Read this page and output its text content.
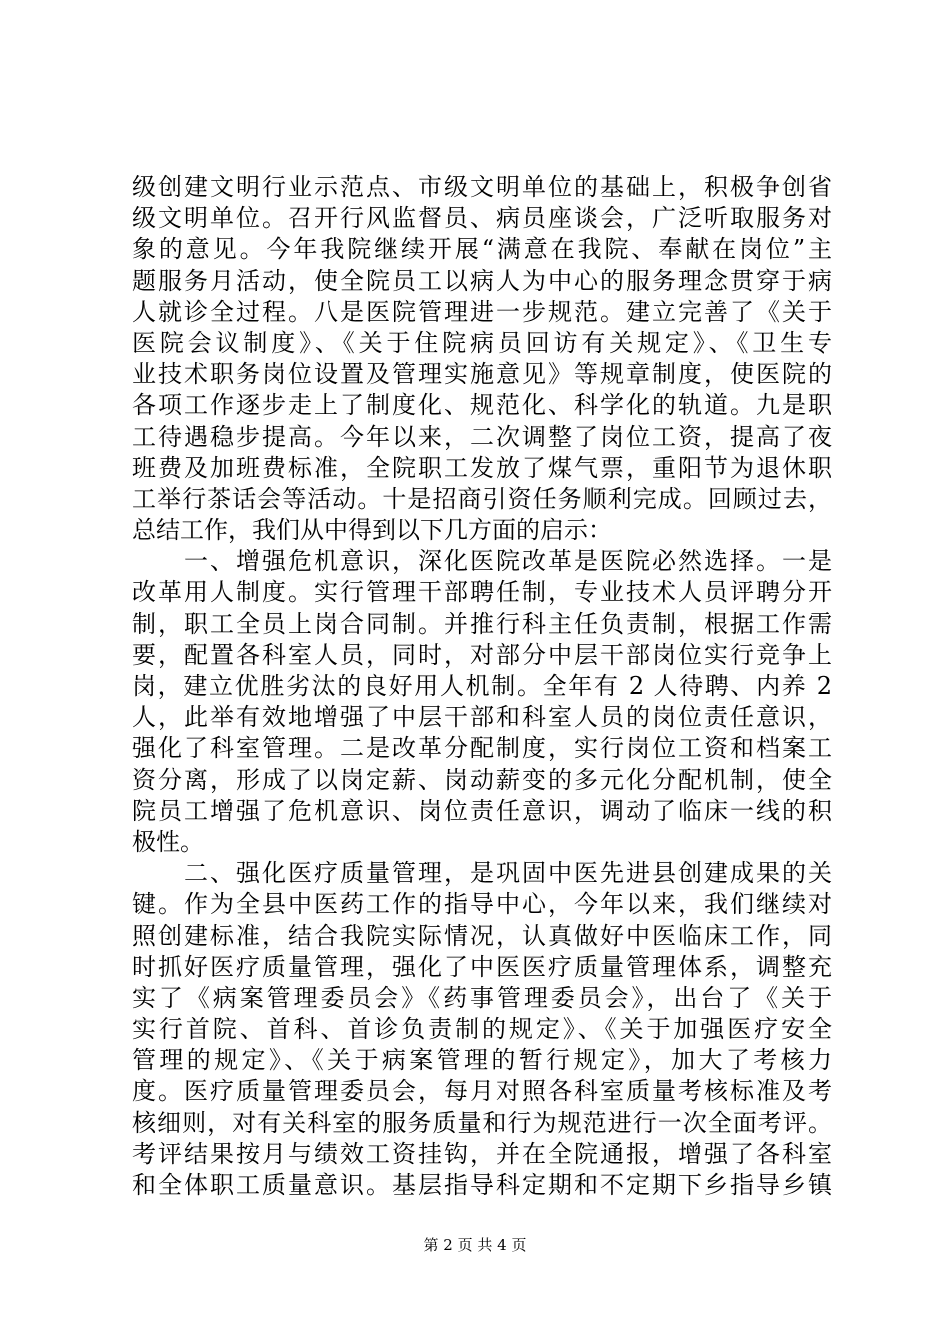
级创建文明行业示范点、市级文明单位的基础上，积极争创省
级文明单位。召开行风监督员、病员座谈会，广泛听取服务对
象的意见。今年我院继续开展“满意在我院、奉献在岗位”主
题服务月活动，使全院员工以病人为中心的服务理念贯穿于病
人就诊全过程。八是医院管理进一步规范。建立完善了《关于
医院会议制度》、《关于住院病员回访有关规定》、《卫生专
业技术职务岗位设置及管理实施意见》等规章制度，使医院的
各项工作逐步走上了制度化、规范化、科学化的轨道。九是职
工待遇稳步提高。今年以来，二次调整了岗位工资，提高了夜
班费及加班费标准，全院职工发放了煤气票，重阳节为退休职
工举行茶话会等活动。十是招商引资任务顺利完成。回顾过去，
总结工作，我们从中得到以下几方面的启示：
　　一、增强危机意识，深化医院改革是医院必然选择。一是
改革用人制度。实行管理干部聘任制，专业技术人员评聘分开
制，职工全员上岗合同制。并推行科主任负责制，根据工作需
要，配置各科室人员，同时，对部分中层干部岗位实行竞争上
岗，建立优胜劣汰的良好用人机制。全年有 2 人待聘、内养 2
人，此举有效地增强了中层干部和科室人员的岗位责任意识，
强化了科室管理。二是改革分配制度，实行岗位工资和档案工
资分离，形成了以岗定薪、岗动薪变的多元化分配机制，使全
院员工增强了危机意识、岗位责任意识，调动了临床一线的积
极性。
　　二、强化医疗质量管理，是巩固中医先进县创建成果的关
键。作为全县中医药工作的指导中心，今年以来，我们继续对
照创建标准，结合我院实际情况，认真做好中医临床工作，同
时抓好医疗质量管理，强化了中医医疗质量管理体系，调整充
实了《病案管理委员会》《药事管理委员会》，出台了《关于
实行首院、首科、首诊负责制的规定》、《关于加强医疗安全
管理的规定》、《关于病案管理的暂行规定》，加大了考核力
度。医疗质量管理委员会，每月对照各科室质量考核标准及考
核细则，对有关科室的服务质量和行为规范进行一次全面考评。
考评结果按月与绩效工资挂钩，并在全院通报，增强了各科室
和全体职工质量意识。基层指导科定期和不定期下乡指导乡镇
第 2 页 共 4 页
